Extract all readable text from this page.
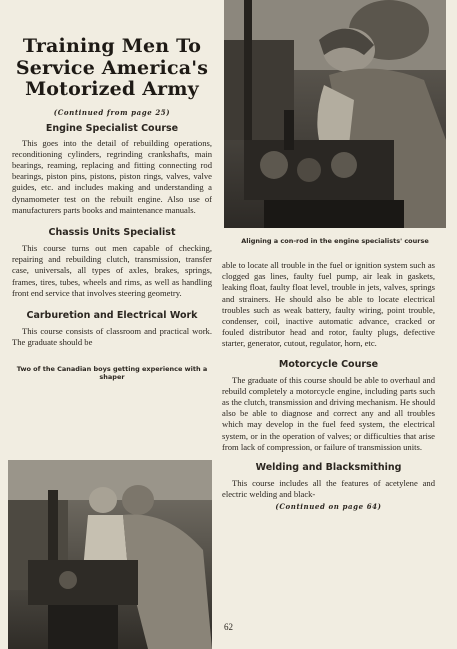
Training Men To
Service America's
Motorized Army

(Continued from page 25)

Engine Specialist Course

This goes into the detail of rebuilding operations, reconditioning cylinders, regrinding crankshafts, main bearings, reaming, replacing and fitting connecting rod bearings, piston pins, pistons, piston rings, valves, valve guides, etc. and includes making and understanding a dynamometer test on the rebuilt engine. Also use of manufacturers parts books and maintenance manuals.

Chassis Units Specialist

This course turns out men capable of checking, repairing and rebuilding clutch, transmission, transfer case, universals, all types of axles, brakes, springs, frames, tires, tubes, wheels and rims, as well as handling front end service that involves steering geometry.

Carburetion and Electrical Work

This course consists of classroom and practical work. The graduate should be

Two of the Canadian boys getting experience with a shaper

Aligning a con-rod in the engine specialists' course

able to locate all trouble in the fuel or ignition system such as clogged gas lines, faulty fuel pump, air leak in gaskets, leaking float, faulty float level, trouble in jets, valves, springs and strainers. He should also be able to locate electrical troubles such as weak battery, faulty wiring, point trouble, condenser, coil, inactive automatic advance, cracked or fouled distributor head and rotor, faulty plugs, defective starter, generator, cutout, regulator, horn, etc.

Motorcycle Course

The graduate of this course should be able to overhaul and rebuild completely a motorcycle engine, including parts such as the clutch, transmission and driving mechanism. He should also be able to diagnose and correct any and all troubles which may develop in the fuel feed system, the electrical system, or in the operation of valves; or difficulties that arise from lack of compression, or failure of transmission units.

Welding and Blacksmithing

This course includes all the features of acetylene and electric welding and black-

(Continued on page 64)

62
